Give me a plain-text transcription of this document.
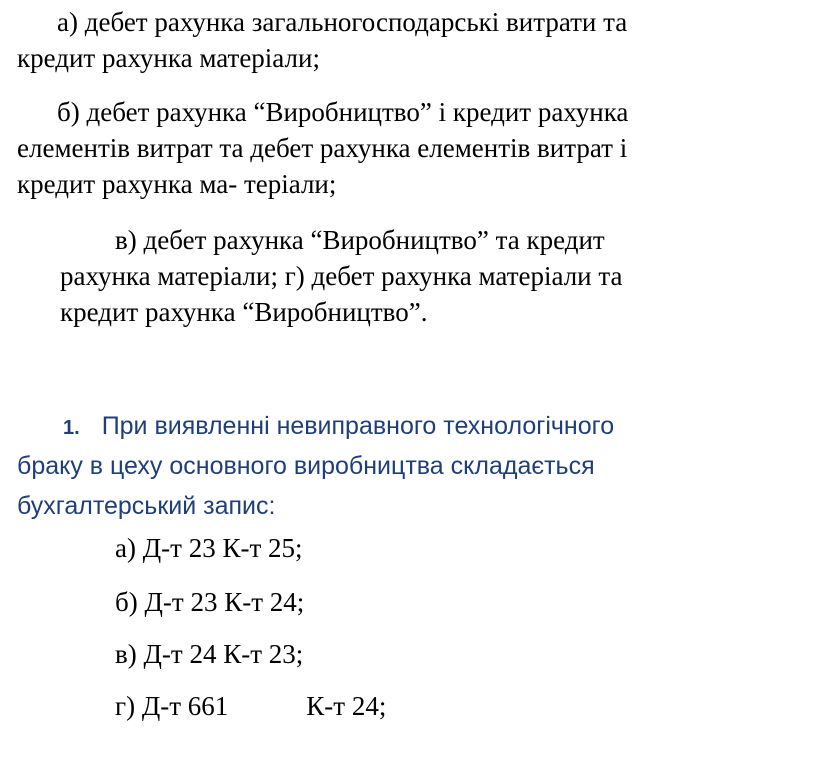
а) дебет рахунка загальногосподарські витрати та
кредит рахунка матеріали;
б) дебет рахунка “Виробництво” і кредит рахунка
елементів витрат та дебет рахунка елементів витрат і
кредит рахунка ма- теріали;
в) дебет рахунка “Виробництво” та кредит
рахунка матеріали; г) дебет рахунка матеріали та
кредит рахунка “Виробництво”.
1. При виявленні невиправного технологічного
браку в цеху основного виробництва складається
бухгалтерський запис:
а) Д-т 23 К-т 25;
б) Д-т 23 К-т 24;
в) Д-т 24 К-т 23;
г) Д-т 661	К-т 24;
